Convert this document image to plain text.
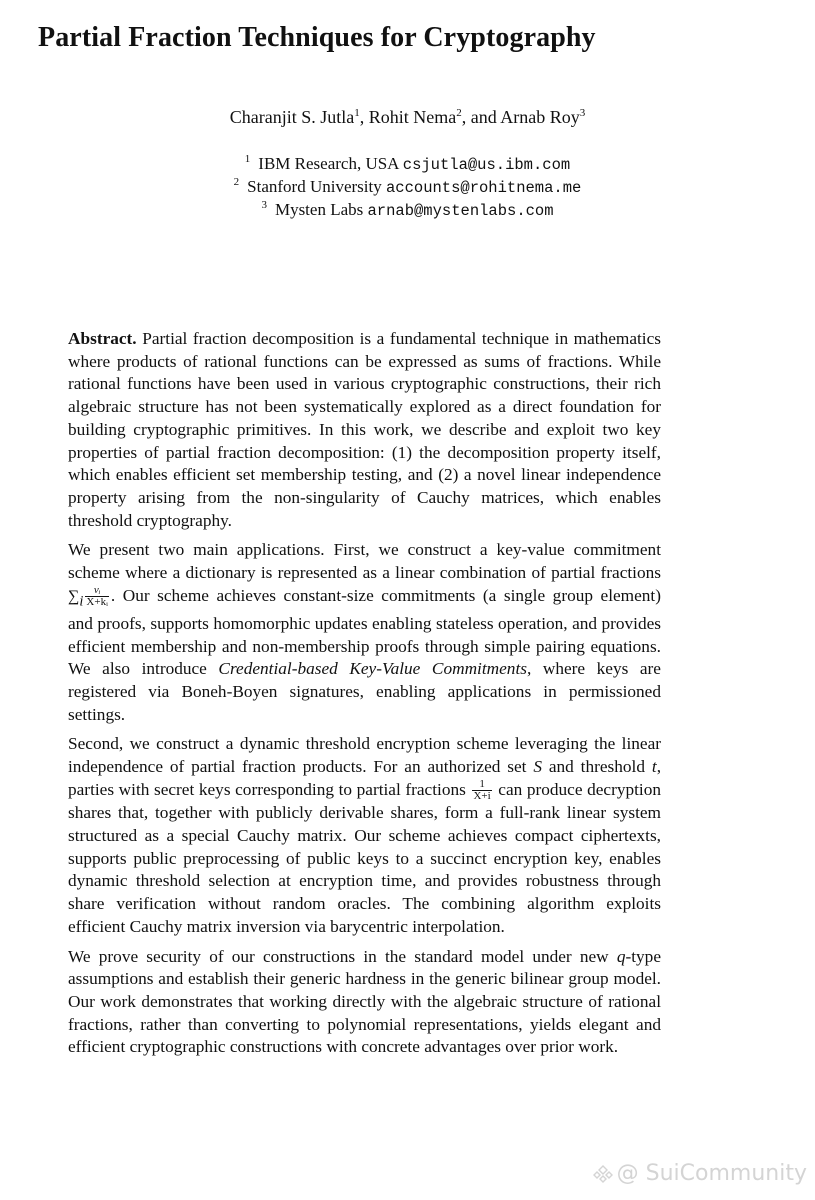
Partial Fraction Techniques for Cryptography
Charanjit S. Jutla$^1$, Rohit Nema$^2$, and Arnab Roy$^3$
$^1$ IBM Research, USA csjutla@us.ibm.com
$^2$ Stanford University accounts@rohitnema.me
$^3$ Mysten Labs arnab@mystenlabs.com

Abstract. Partial fraction decomposition is a fundamental technique in mathematics where products of rational functions can be expressed as sums of fractions. While rational functions have been used in various cryptographic constructions, their rich algebraic structure has not been systematically explored as a direct foundation for building cryptographic primitives. In this work, we describe and exploit two key properties of partial fraction decomposition: (1) the decomposition property itself, which enables efficient set membership testing, and (2) a novel linear independence property arising from the non-singularity of Cauchy matrices, which enables threshold cryptography.

We present two main applications. First, we construct a key-value commitment scheme where a dictionary is represented as a linear combination of partial fractions $\sum_i \frac{\text{vᵢ}}{\text{X+kᵢ}}$ . Our scheme achieves constant-size commitments (a single group element) and proofs, supports homomorphic updates enabling stateless operation, and provides efficient membership and non-membership proofs through simple pairing equations. We also introduce Credential-based Key-Value Commitments, where keys are registered via Boneh-Boyen signatures, enabling applications in permissioned settings.

Second, we construct a dynamic threshold encryption scheme leveraging the linear independence of partial fraction products. For an authorized set S and threshold t, parties with secret keys corresponding to partial fractions $\frac{1}{X+i}$ can produce decryption shares that, together with publicly derivable shares, form a full-rank linear system structured as a special Cauchy matrix. Our scheme achieves compact ciphertexts, supports public preprocessing of public keys to a succinct encryption key, enables dynamic threshold selection at encryption time, and provides robustness through share verification without random oracles. The combining algorithm exploits efficient Cauchy matrix inversion via barycentric interpolation.

We prove security of our constructions in the standard model under new q-type assumptions and establish their generic hardness in the generic bilinear group model. Our work demonstrates that working directly with the algebraic structure of rational fractions, rather than converting to polynomial representations, yields elegant and efficient cryptographic constructions with concrete advantages over prior work.

@ SuiCommunity
